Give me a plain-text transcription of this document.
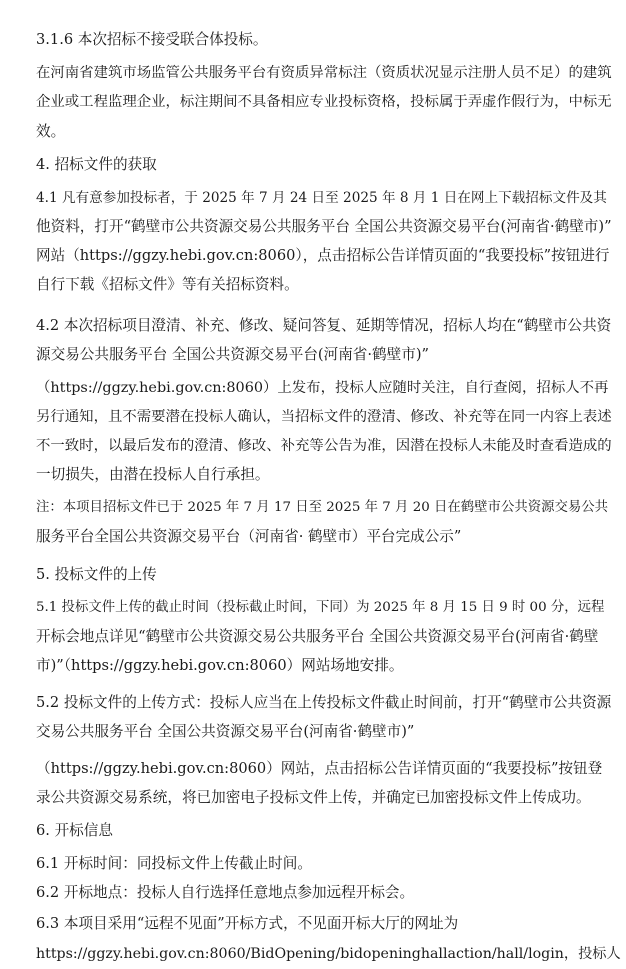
3.1.6 本次招标不接受联合体投标。
在河南省建筑市场监管公共服务平台有资质异常标注（资质状况显示注册人员不足）的建筑
企业或工程监理企业，标注期间不具备相应专业投标资格，投标属于弄虚作假行为，中标无
效。
4. 招标文件的获取
4.1 凡有意参加投标者，于 2025 年 7 月 24 日至 2025 年 8 月 1 日在网上下载招标文件及其
他资料，打开“鹤壁市公共资源交易公共服务平台 全国公共资源交易平台(河南省·鹤壁市)”
网站（https://ggzy.hebi.gov.cn:8060），点击招标公告详情页面的“我要投标”按钮进行
自行下载《招标文件》等有关招标资料。
4.2 本次招标项目澄清、补充、修改、疑问答复、延期等情况，招标人均在“鹤壁市公共资
源交易公共服务平台 全国公共资源交易平台(河南省·鹤壁市)”
（https://ggzy.hebi.gov.cn:8060）上发布，投标人应随时关注，自行查阅，招标人不再
另行通知，且不需要潜在投标人确认，当招标文件的澄清、修改、补充等在同一内容上表述
不一致时，以最后发布的澄清、修改、补充等公告为准，因潜在投标人未能及时查看造成的
一切损失，由潜在投标人自行承担。
注：本项目招标文件已于 2025 年 7 月 17 日至 2025 年 7 月 20 日在鹤壁市公共资源交易公共
服务平台全国公共资源交易平台（河南省· 鹤壁市）平台完成公示”
5. 投标文件的上传
5.1 投标文件上传的截止时间（投标截止时间，下同）为 2025 年 8 月 15 日 9 时 00 分，远程
开标会地点详见“鹤壁市公共资源交易公共服务平台 全国公共资源交易平台(河南省·鹤壁
市)”（https://ggzy.hebi.gov.cn:8060）网站场地安排。
5.2 投标文件的上传方式：投标人应当在上传投标文件截止时间前，打开“鹤壁市公共资源
交易公共服务平台 全国公共资源交易平台(河南省·鹤壁市)”
（https://ggzy.hebi.gov.cn:8060）网站，点击招标公告详情页面的“我要投标”按钮登
录公共资源交易系统，将已加密电子投标文件上传，并确定已加密投标文件上传成功。
6. 开标信息
6.1 开标时间：同投标文件上传截止时间。
6.2 开标地点：投标人自行选择任意地点参加远程开标会。
6.3 本项目采用“远程不见面”开标方式，不见面开标大厅的网址为
https://ggzy.hebi.gov.cn:8060/BidOpening/bidopeninghallaction/hall/login，投标人
